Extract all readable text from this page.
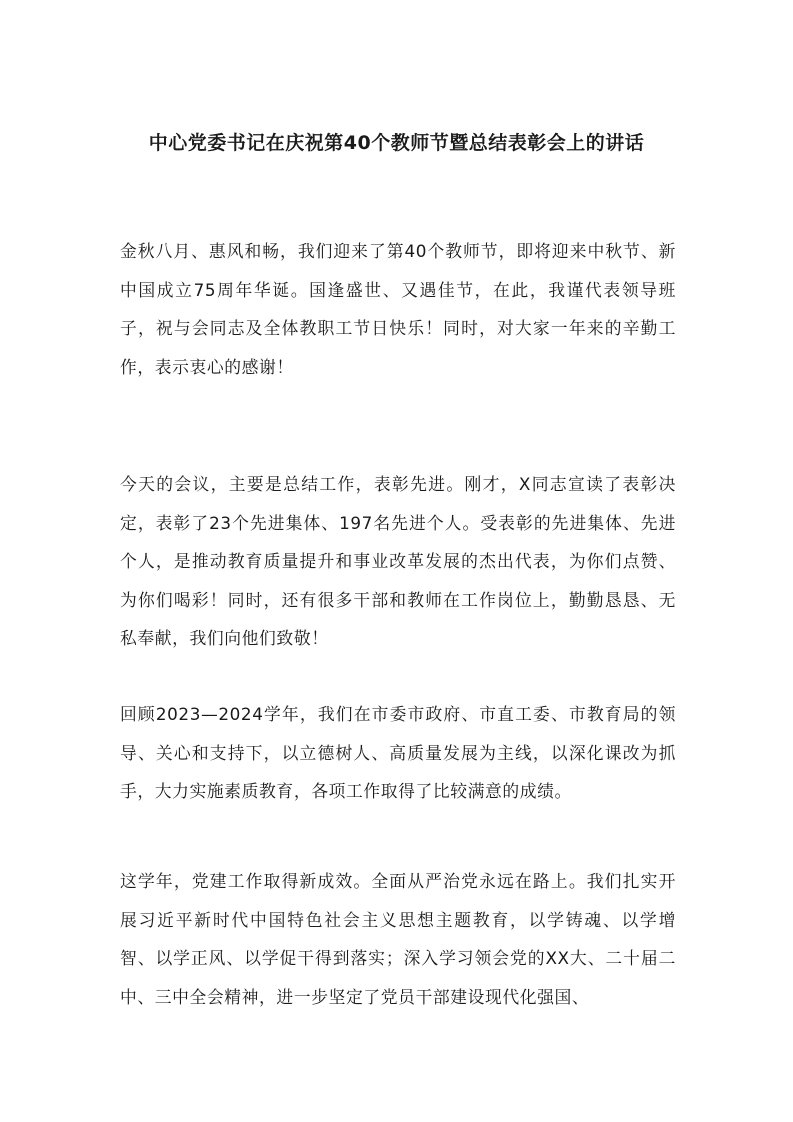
中心党委书记在庆祝第40个教师节暨总结表彰会上的讲话

金秋八月、惠风和畅，我们迎来了第40个教师节，即将迎来中秋节、新中国成立75周年华诞。国逢盛世、又遇佳节，在此，我谨代表领导班子，祝与会同志及全体教职工节日快乐！同时，对大家一年来的辛勤工作，表示衷心的感谢！

今天的会议，主要是总结工作，表彰先进。刚才，X同志宣读了表彰决定，表彰了23个先进集体、197名先进个人。受表彰的先进集体、先进个人，是推动教育质量提升和事业改革发展的杰出代表，为你们点赞、为你们喝彩！同时，还有很多干部和教师在工作岗位上，勤勤恳恳、无私奉献，我们向他们致敬！

回顾2023—2024学年，我们在市委市政府、市直工委、市教育局的领导、关心和支持下，以立德树人、高质量发展为主线，以深化课改为抓手，大力实施素质教育，各项工作取得了比较满意的成绩。

这学年，党建工作取得新成效。全面从严治党永远在路上。我们扎实开展习近平新时代中国特色社会主义思想主题教育，以学铸魂、以学增智、以学正风、以学促干得到落实；深入学习领会党的XX大、二十届二中、三中全会精神，进一步坚定了党员干部建设现代化强国、
